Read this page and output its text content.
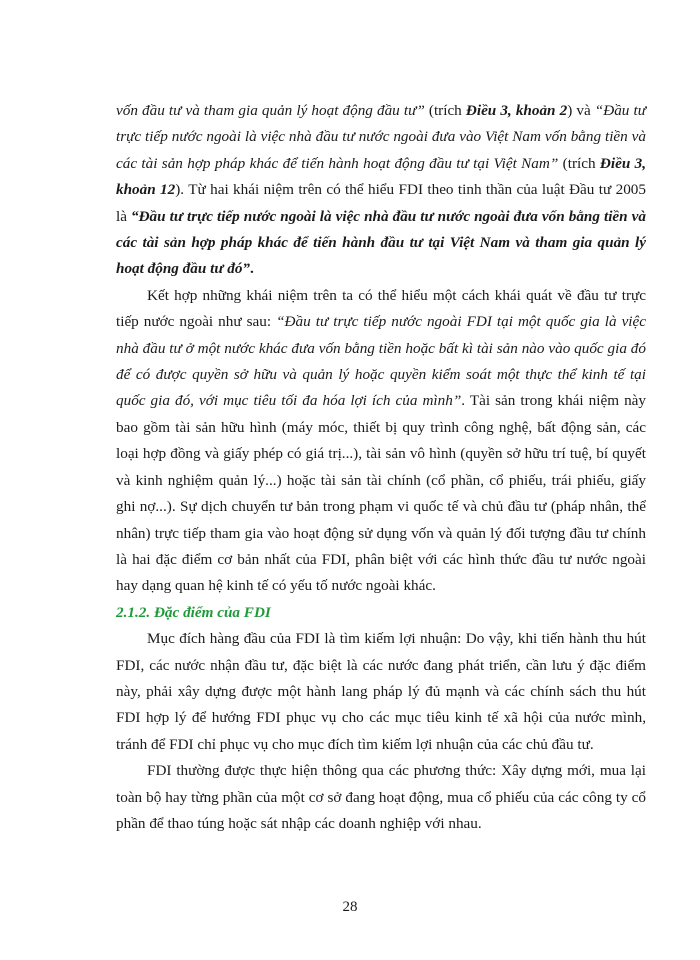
vốn đầu tư và tham gia quản lý hoạt động đầu tư” (trích Điều 3, khoản 2) và “Đầu tư trực tiếp nước ngoài là việc nhà đầu tư nước ngoài đưa vào Việt Nam vốn bằng tiền và các tài sản hợp pháp khác để tiến hành hoạt động đầu tư tại Việt Nam” (trích Điều 3, khoản 12). Từ hai khái niệm trên có thể hiểu FDI theo tinh thần của luật Đầu tư 2005 là “Đầu tư trực tiếp nước ngoài là việc nhà đầu tư nước ngoài đưa vốn bằng tiền và các tài sản hợp pháp khác để tiến hành đầu tư tại Việt Nam và tham gia quản lý hoạt động đầu tư đó”.

Kết hợp những khái niệm trên ta có thể hiểu một cách khái quát về đầu tư trực tiếp nước ngoài như sau: “Đầu tư trực tiếp nước ngoài FDI tại một quốc gia là việc nhà đầu tư ở một nước khác đưa vốn bằng tiền hoặc bất kì tài sản nào vào quốc gia đó để có được quyền sở hữu và quản lý hoặc quyền kiểm soát một thực thể kinh tế tại quốc gia đó, với mục tiêu tối đa hóa lợi ích của mình”. Tài sản trong khái niệm này bao gồm tài sản hữu hình (máy móc, thiết bị quy trình công nghệ, bất động sản, các loại hợp đồng và giấy phép có giá trị...), tài sản vô hình (quyền sở hữu trí tuệ, bí quyết và kinh nghiệm quản lý...) hoặc tài sản tài chính (cổ phần, cổ phiếu, trái phiếu, giấy ghi nợ...). Sự dịch chuyển tư bản trong phạm vi quốc tế và chủ đầu tư (pháp nhân, thể nhân) trực tiếp tham gia vào hoạt động sử dụng vốn và quản lý đối tượng đầu tư chính là hai đặc điểm cơ bản nhất của FDI, phân biệt với các hình thức đầu tư nước ngoài hay dạng quan hệ kinh tế có yếu tố nước ngoài khác.

2.1.2. Đặc điểm của FDI

Mục đích hàng đầu của FDI là tìm kiếm lợi nhuận: Do vậy, khi tiến hành thu hút FDI, các nước nhận đầu tư, đặc biệt là các nước đang phát triển, cần lưu ý đặc điểm này, phải xây dựng được một hành lang pháp lý đủ mạnh và các chính sách thu hút FDI hợp lý để hướng FDI phục vụ cho các mục tiêu kinh tế xã hội của nước mình, tránh để FDI chỉ phục vụ cho mục đích tìm kiếm lợi nhuận của các chủ đầu tư.

FDI thường được thực hiện thông qua các phương thức: Xây dựng mới, mua lại toàn bộ hay từng phần của một cơ sở đang hoạt động, mua cổ phiếu của các công ty cổ phần để thao túng hoặc sát nhập các doanh nghiệp với nhau.

28
